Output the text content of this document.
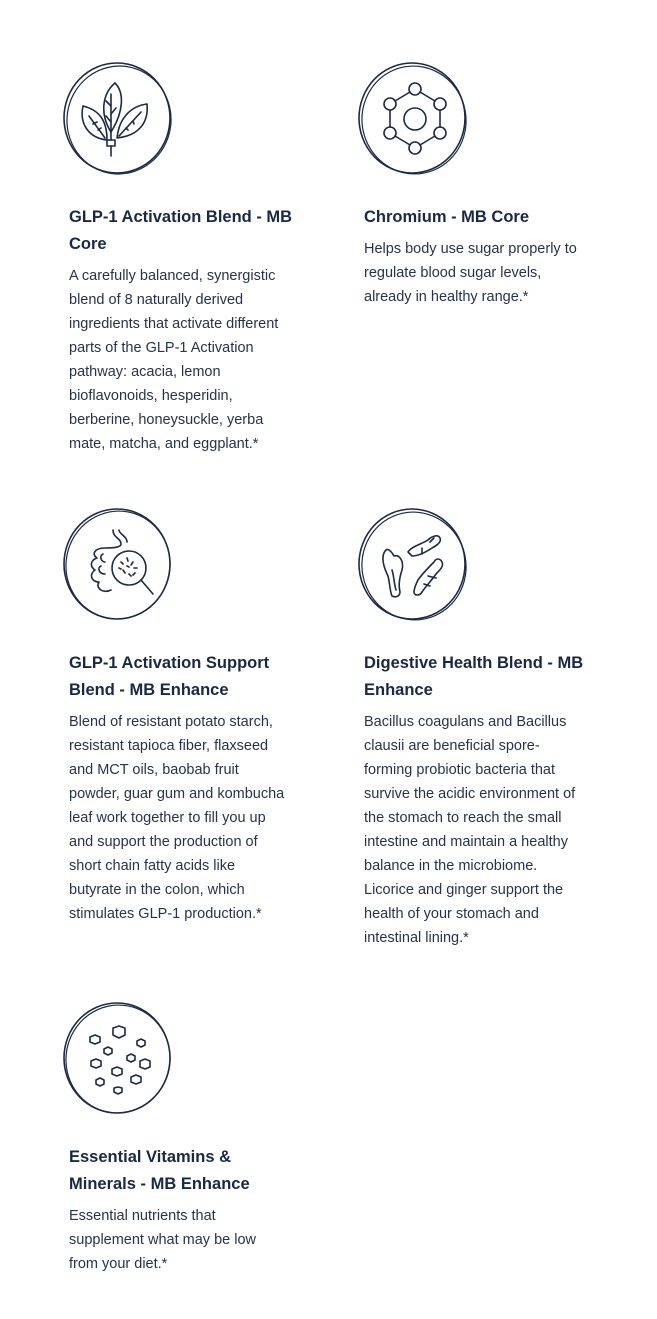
GLP-1 Activation Blend - MB
Core
A carefully balanced, synergistic
blend of 8 naturally derived
ingredients that activate different
parts of the GLP-1 Activation
pathway: acacia, lemon
bioflavonoids, hesperidin,
berberine, honeysuckle, yerba
mate, matcha, and eggplant.*
Chromium - MB Core
Helps body use sugar properly to
regulate blood sugar levels,
already in healthy range.*
GLP-1 Activation Support
Blend - MB Enhance
Blend of resistant potato starch,
resistant tapioca fiber, flaxseed
and MCT oils, baobab fruit
powder, guar gum and kombucha
leaf work together to fill you up
and support the production of
short chain fatty acids like
butyrate in the colon, which
stimulates GLP-1 production.*
Digestive Health Blend - MB
Enhance
Bacillus coagulans and Bacillus
clausii are beneficial spore-
forming probiotic bacteria that
survive the acidic environment of
the stomach to reach the small
intestine and maintain a healthy
balance in the microbiome.
Licorice and ginger support the
health of your stomach and
intestinal lining.*
Essential Vitamins &
Minerals - MB Enhance
Essential nutrients that
supplement what may be low
from your diet.*
